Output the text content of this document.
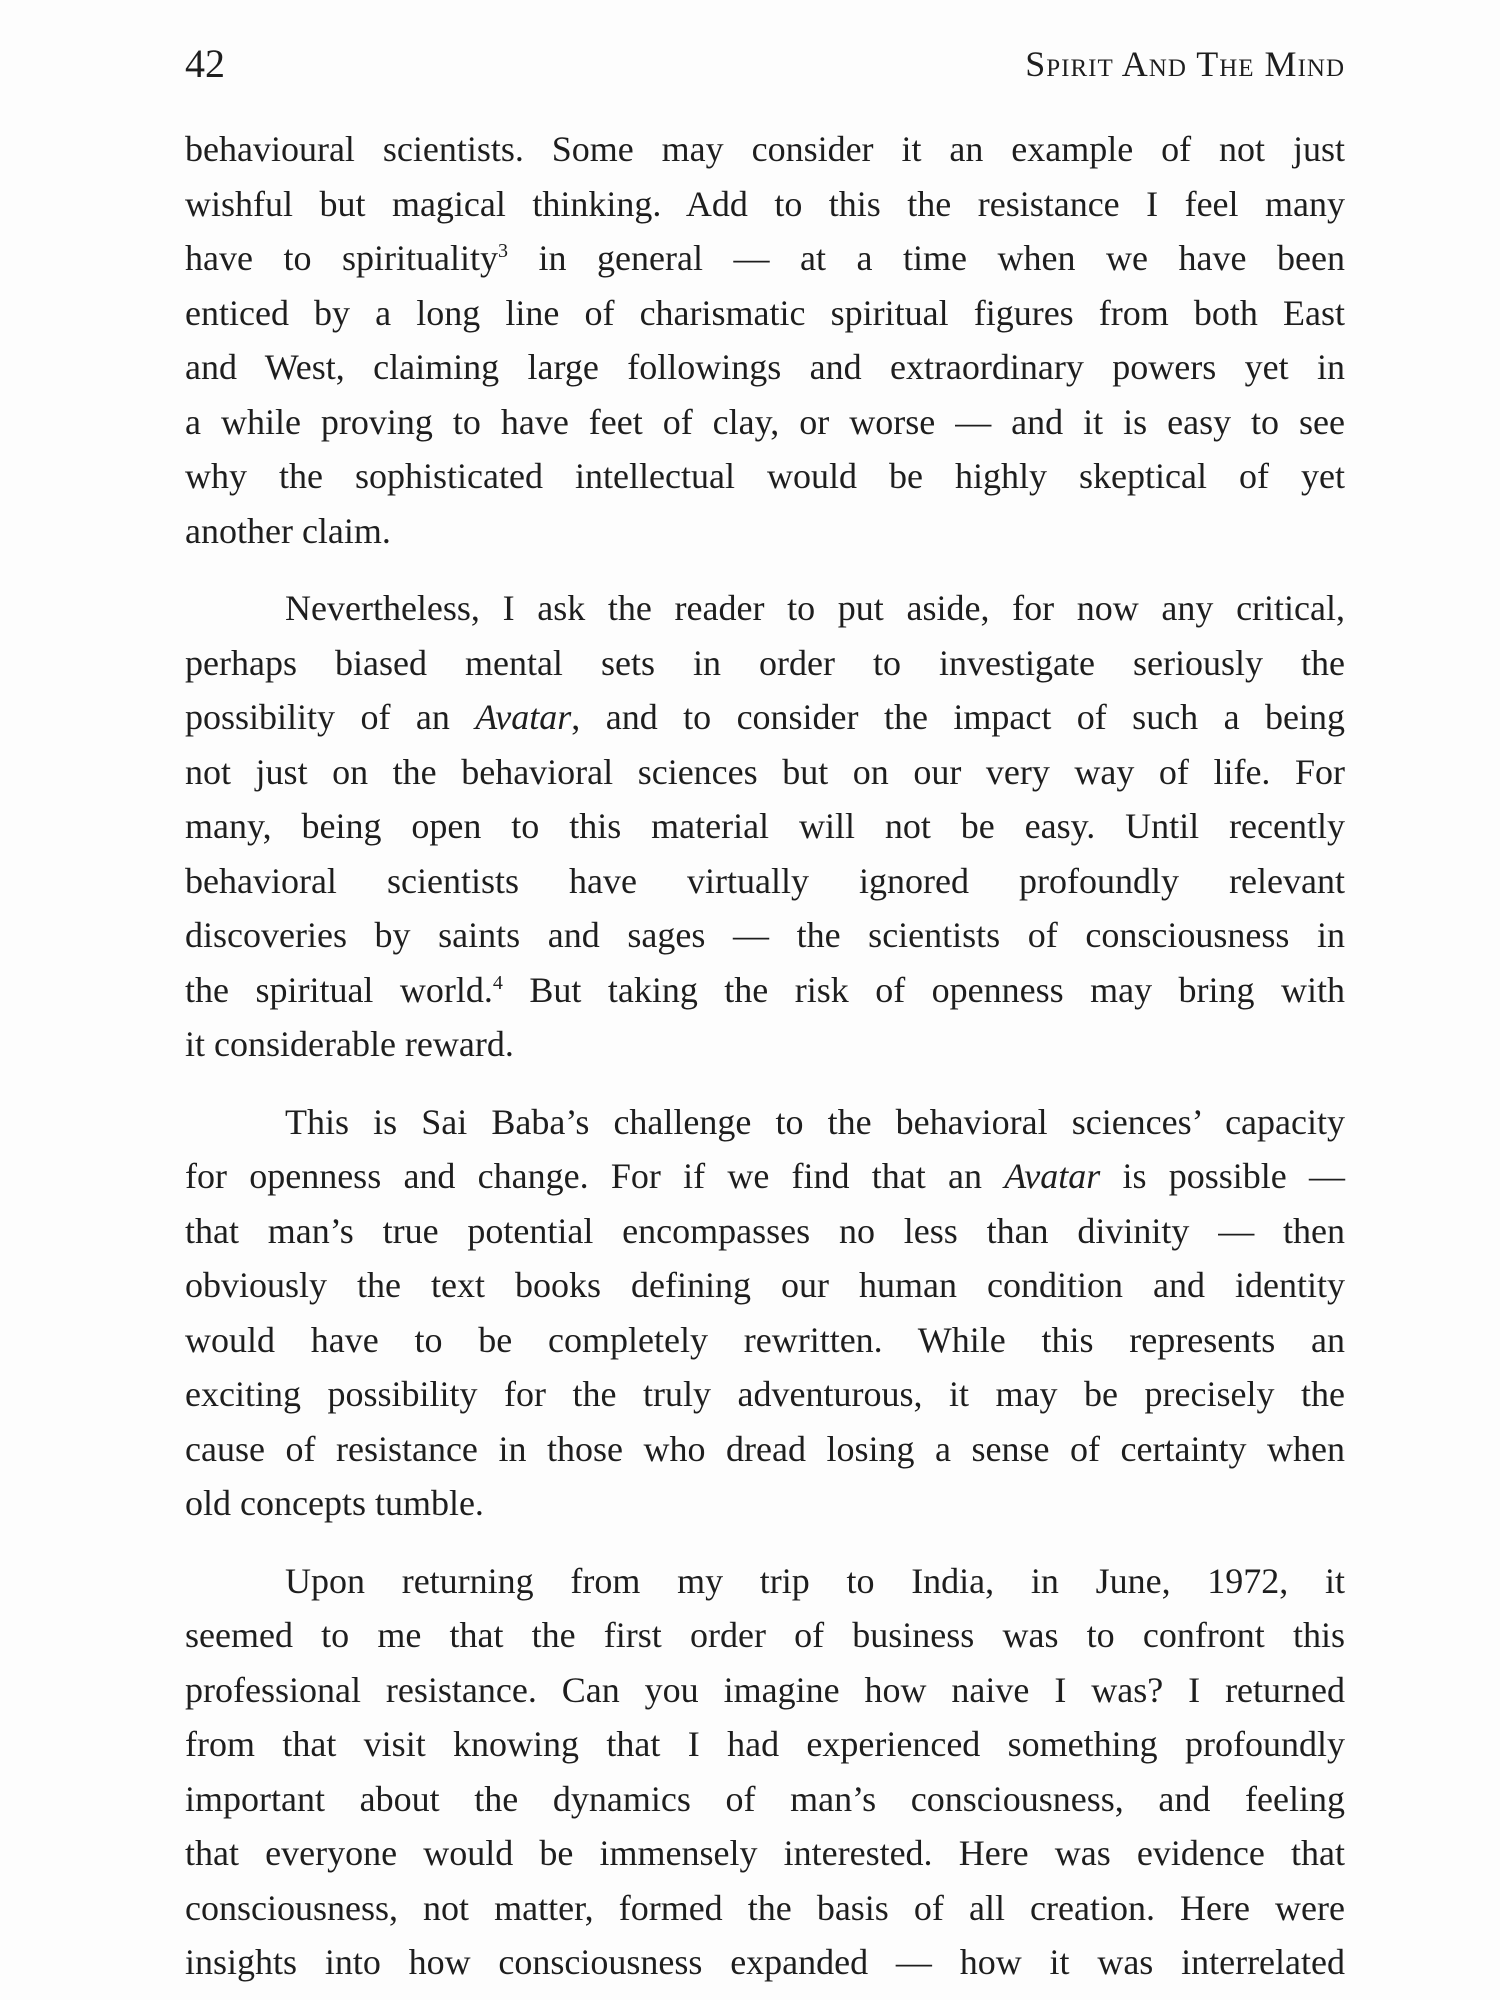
42	Spirit And The Mind

behavioural scientists. Some may consider it an example of not just
wishful but magical thinking. Add to this the resistance I feel many
have to spirituality$^3$ in general — at a time when we have been
enticed by a long line of charismatic spiritual figures from both East
and West, claiming large followings and extraordinary powers yet in
a while proving to have feet of clay, or worse — and it is easy to see
why the sophisticated intellectual would be highly skeptical of yet
another claim.

Nevertheless, I ask the reader to put aside, for now any critical,
perhaps biased mental sets in order to investigate seriously the
possibility of an Avatar, and to consider the impact of such a being
not just on the behavioral sciences but on our very way of life. For
many, being open to this material will not be easy. Until recently
behavioral scientists have virtually ignored profoundly relevant
discoveries by saints and sages — the scientists of consciousness in
the spiritual world.$^4$ But taking the risk of openness may bring with
it considerable reward.

This is Sai Baba’s challenge to the behavioral sciences’ capacity
for openness and change. For if we find that an Avatar is possible —
that man’s true potential encompasses no less than divinity — then
obviously the text books defining our human condition and identity
would have to be completely rewritten. While this represents an
exciting possibility for the truly adventurous, it may be precisely the
cause of resistance in those who dread losing a sense of certainty when
old concepts tumble.

Upon returning from my trip to India, in June, 1972, it
seemed to me that the first order of business was to confront this
professional resistance. Can you imagine how naive I was? I returned
from that visit knowing that I had experienced something profoundly
important about the dynamics of man’s consciousness, and feeling
that everyone would be immensely interested. Here was evidence that
consciousness, not matter, formed the basis of all creation. Here were
insights into how consciousness expanded — how it was interrelated
